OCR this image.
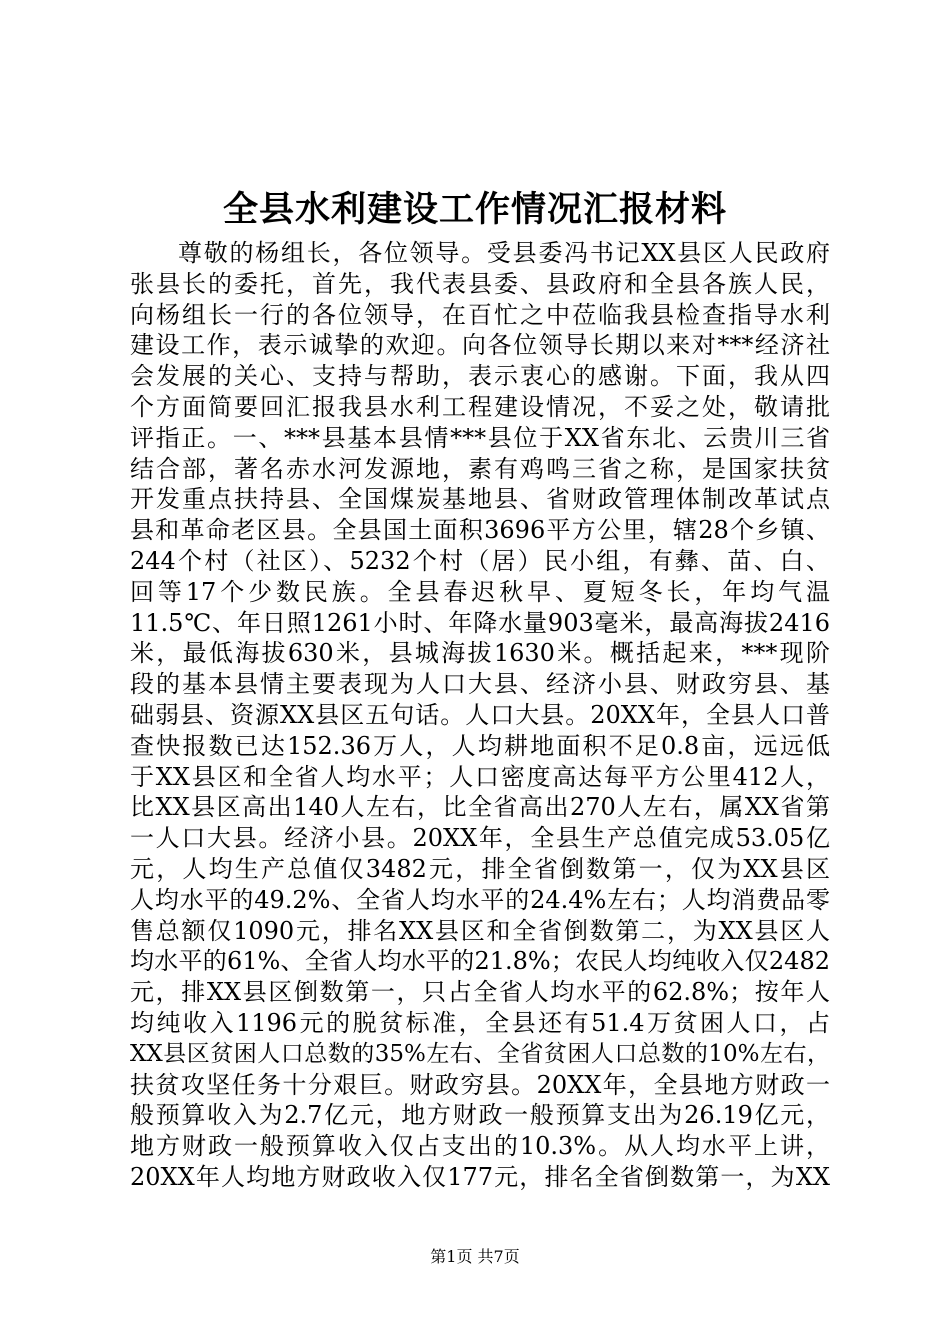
全县水利建设工作情况汇报材料
尊敬的杨组长，各位领导。受县委冯书记XX县区人民政府
张县长的委托，首先，我代表县委、县政府和全县各族人民，
向杨组长一行的各位领导，在百忙之中莅临我县检查指导水利
建设工作，表示诚挚的欢迎。向各位领导长期以来对***经济社
会发展的关心、支持与帮助，表示衷心的感谢。下面，我从四
个方面简要回汇报我县水利工程建设情况，不妥之处，敬请批
评指正。一、***县基本县情***县位于XX省东北、云贵川三省
结合部，著名赤水河发源地，素有鸡鸣三省之称，是国家扶贫
开发重点扶持县、全国煤炭基地县、省财政管理体制改革试点
县和革命老区县。全县国土面积3696平方公里，辖28个乡镇、
244个村（社区）、5232个村（居）民小组，有彝、苗、白、
回等17个少数民族。全县春迟秋早、夏短冬长，年均气温
11.5℃、年日照1261小时、年降水量903毫米，最高海拔2416
米，最低海拔630米，县城海拔1630米。概括起来，***现阶
段的基本县情主要表现为人口大县、经济小县、财政穷县、基
础弱县、资源XX县区五句话。人口大县。20XX年，全县人口普
查快报数已达152.36万人，人均耕地面积不足0.8亩，远远低
于XX县区和全省人均水平；人口密度高达每平方公里412人，
比XX县区高出140人左右，比全省高出270人左右，属XX省第
一人口大县。经济小县。20XX年，全县生产总值完成53.05亿
元，人均生产总值仅3482元，排全省倒数第一，仅为XX县区
人均水平的49.2%、全省人均水平的24.4%左右；人均消费品零
售总额仅1090元，排名XX县区和全省倒数第二，为XX县区人
均水平的61%、全省人均水平的21.8%；农民人均纯收入仅2482
元，排XX县区倒数第一，只占全省人均水平的62.8%；按年人
均纯收入1196元的脱贫标准，全县还有51.4万贫困人口，占
XX县区贫困人口总数的35%左右、全省贫困人口总数的10%左右，
扶贫攻坚任务十分艰巨。财政穷县。20XX年，全县地方财政一
般预算收入为2.7亿元，地方财政一般预算支出为26.19亿元，
地方财政一般预算收入仅占支出的10.3%。从人均水平上讲，
20XX年人均地方财政收入仅177元，排名全省倒数第一，为XX
第1页 共7页
